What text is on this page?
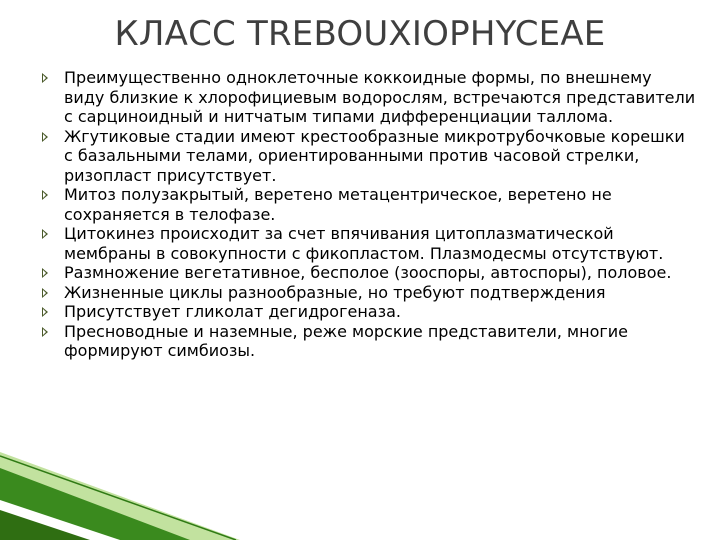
КЛАСС TREBOUXIOPHYCEAE
Преимущественно одноклеточные коккоидные формы, по внешнему виду близкие к хлорофициевым водорослям, встречаются представители с сарциноидный и нитчатым типами дифференциации таллома.
Жгутиковые стадии имеют крестообразные микротрубочковые корешки с базальными телами, ориентированными против часовой стрелки, ризопласт присутствует.
Митоз полузакрытый, веретено метацентрическое, веретено не сохраняется в телофазе.
Цитокинез происходит за счет впячивания цитоплазматической мембраны в совокупности с фикопластом. Плазмодесмы отсутствуют.
Размножение вегетативное, бесполое (зооспоры, автоспоры), половое.
Жизненные циклы разнообразные, но требуют подтверждения
Присутствует гликолат дегидрогеназа.
Пресноводные и наземные, реже морские представители, многие формируют симбиозы.
